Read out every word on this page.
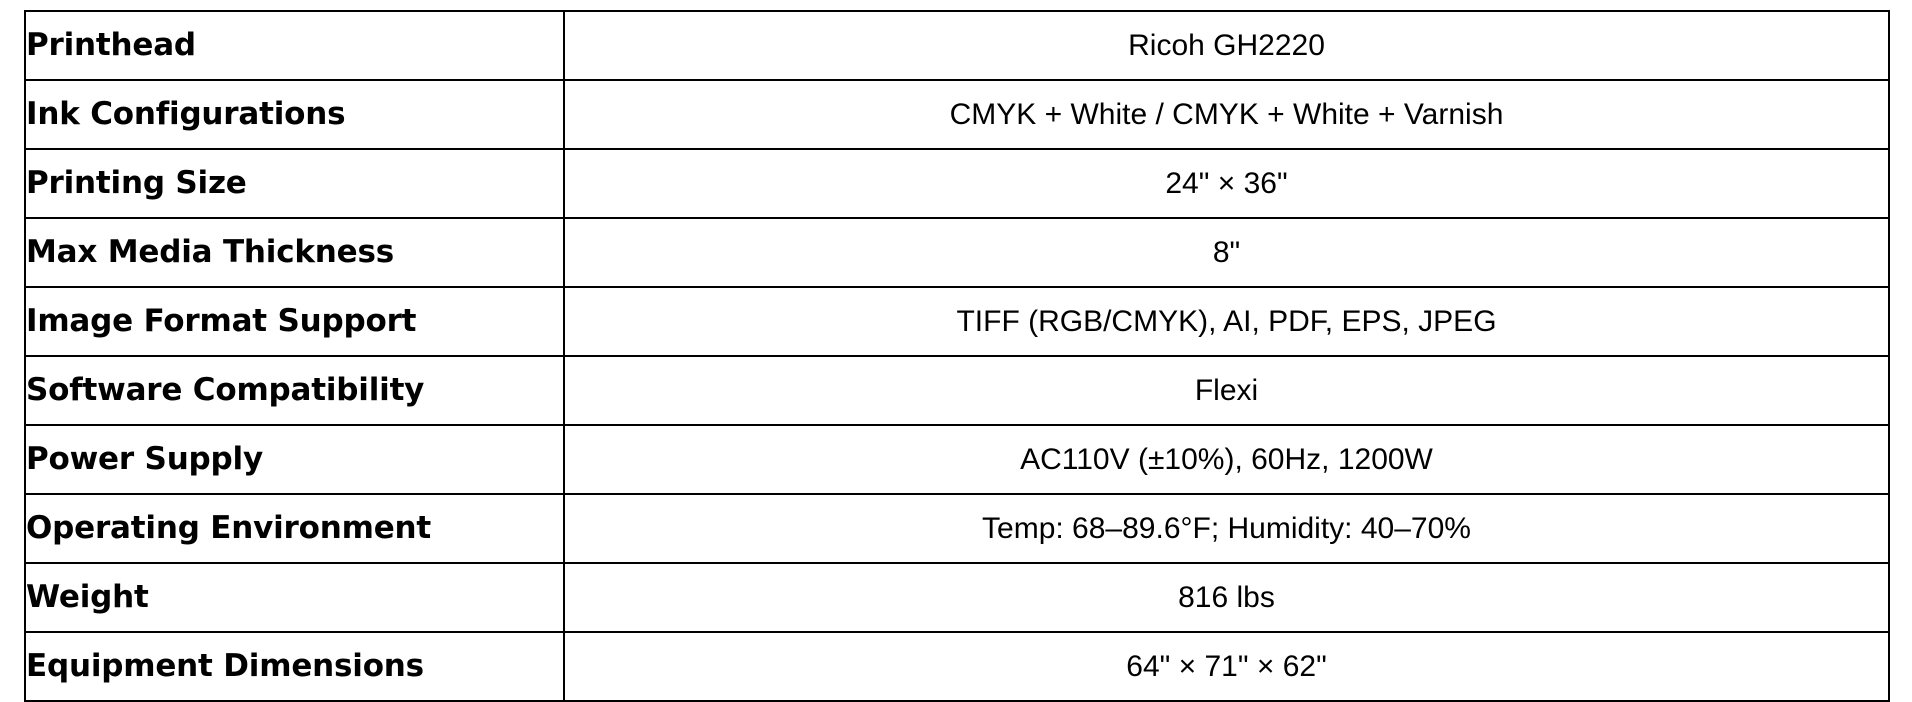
Printhead	Ricoh GH2220
Ink Configurations	CMYK + White / CMYK + White + Varnish
Printing Size	24" × 36"
Max Media Thickness	8"
Image Format Support	TIFF (RGB/CMYK), AI, PDF, EPS, JPEG
Software Compatibility	Flexi
Power Supply	AC110V (±10%), 60Hz, 1200W
Operating Environment	Temp: 68–89.6°F; Humidity: 40–70%
Weight	816 lbs
Equipment Dimensions	64" × 71" × 62"
